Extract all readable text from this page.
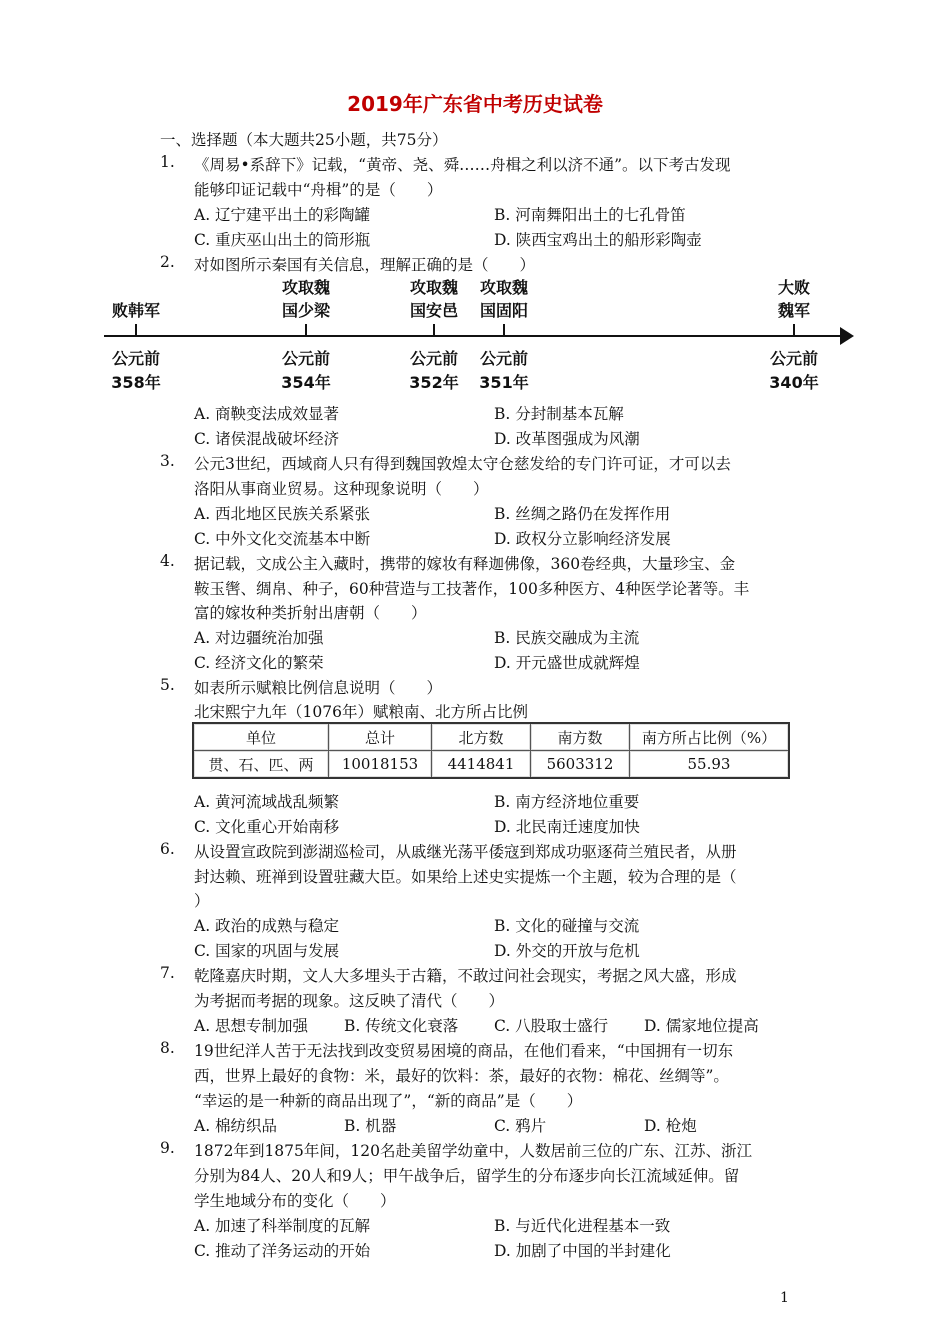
2019年广东省中考历史试卷
一、选择题（本大题共25小题，共75分）
1. 《周易•系辞下》记载，“黄帝、尧、舜……舟楫之利以济不通”。以下考古发现
能够印证记载中“舟楫”的是（　　）
A. 辽宁建平出土的彩陶罐	B. 河南舞阳出土的七孔骨笛
C. 重庆巫山出土的筒形瓶	D. 陕西宝鸡出土的船形彩陶壶
2. 对如图所示秦国有关信息，理解正确的是（　　）
败韩军
攻取魏
国少梁
攻取魏
国安邑
攻取魏
国固阳
大败
魏军
公元前
358年
公元前
354年
公元前
352年
公元前
351年
公元前
340年
A. 商鞅变法成效显著	B. 分封制基本瓦解
C. 诸侯混战破坏经济	D. 改革图强成为风潮
3. 公元3世纪，西域商人只有得到魏国敦煌太守仓慈发给的专门许可证，才可以去
洛阳从事商业贸易。这种现象说明（　　）
A. 西北地区民族关系紧张	B. 丝绸之路仍在发挥作用
C. 中外文化交流基本中断	D. 政权分立影响经济发展
4. 据记载，文成公主入藏时，携带的嫁妆有释迦佛像，360卷经典，大量珍宝、金
鞍玉辔、绸帛、种子，60种营造与工技著作，100多种医方、4种医学论著等。丰
富的嫁妆种类折射出唐朝（　　）
A. 对边疆统治加强	B. 民族交融成为主流
C. 经济文化的繁荣	D. 开元盛世成就辉煌
5. 如表所示赋粮比例信息说明（　　）
北宋熙宁九年（1076年）赋粮南、北方所占比例
单位	总计	北方数	南方数	南方所占比例（%）
贯、石、匹、两	10018153	4414841	5603312	55.93
A. 黄河流域战乱频繁	B. 南方经济地位重要
C. 文化重心开始南移	D. 北民南迁速度加快
6. 从设置宣政院到澎湖巡检司，从戚继光荡平倭寇到郑成功驱逐荷兰殖民者，从册
封达赖、班禅到设置驻藏大臣。如果给上述史实提炼一个主题，较为合理的是（
）
A. 政治的成熟与稳定	B. 文化的碰撞与交流
C. 国家的巩固与发展	D. 外交的开放与危机
7. 乾隆嘉庆时期，文人大多埋头于古籍，不敢过问社会现实，考据之风大盛，形成
为考据而考据的现象。这反映了清代（　　）
A. 思想专制加强 B. 传统文化衰落 C. 八股取士盛行 D. 儒家地位提高
8. 19世纪洋人苦于无法找到改变贸易困境的商品，在他们看来，“中国拥有一切东
西，世界上最好的食物：米，最好的饮料：茶，最好的衣物：棉花、丝绸等”。
“幸运的是一种新的商品出现了”，“新的商品”是（　　）
A. 棉纺织品	B. 机器	C. 鸦片	D. 枪炮
9. 1872年到1875年间，120名赴美留学幼童中，人数居前三位的广东、江苏、浙江
分别为84人、20人和9人；甲午战争后，留学生的分布逐步向长江流域延伸。留
学生地域分布的变化（　　）
A. 加速了科举制度的瓦解	B. 与近代化进程基本一致
C. 推动了洋务运动的开始	D. 加剧了中国的半封建化
1
